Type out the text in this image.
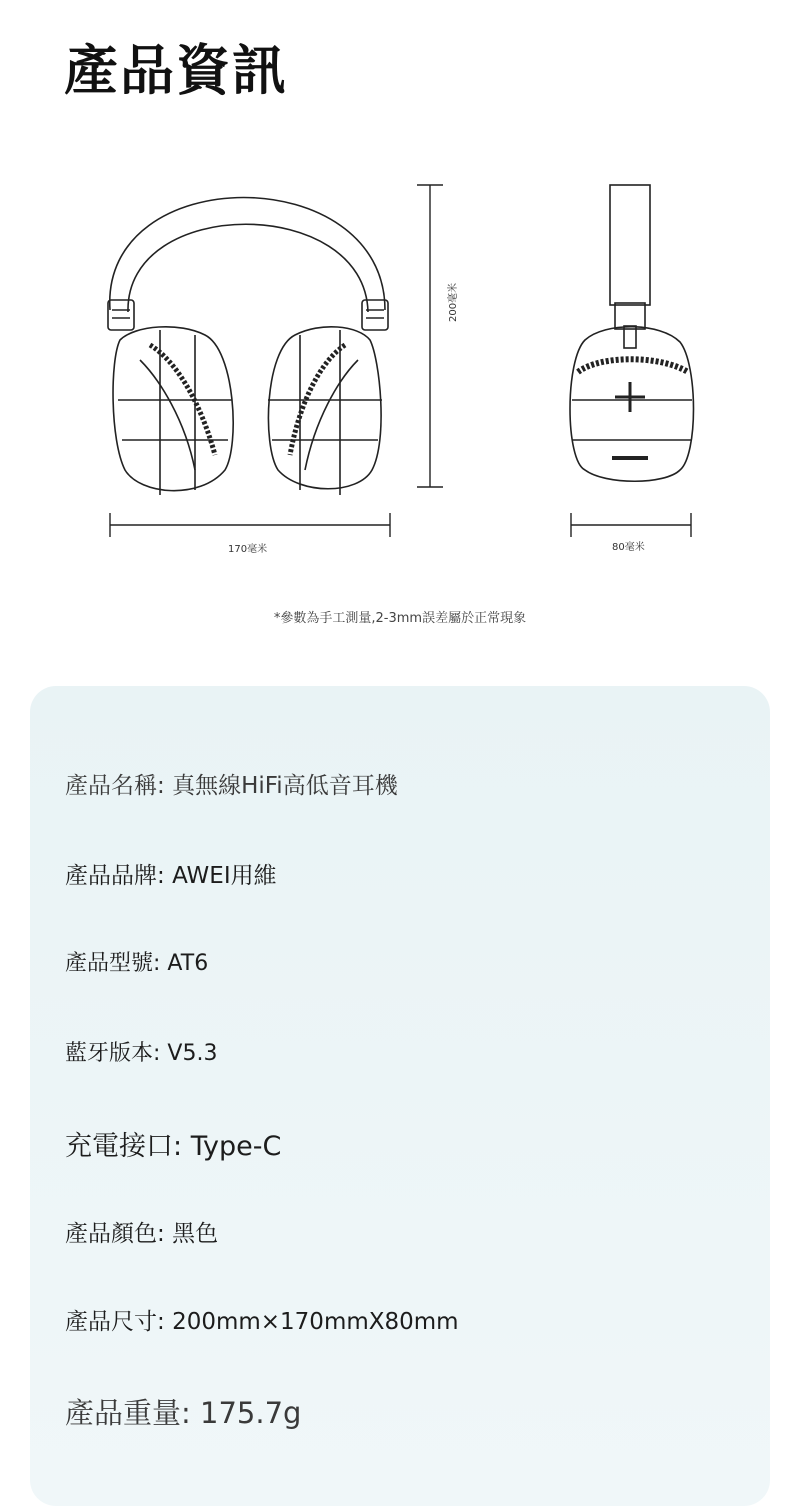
產品資訊
200毫米
170毫米	80毫米
*參數為手工測量,2-3mm誤差屬於正常現象
產品名稱: 真無線HiFi高低音耳機
產品品牌: AWEI用維
產品型號: AT6
藍牙版本: V5.3
充電接口: Type-C
產品顏色: 黑色
產品尺寸: 200mm×170mmX80mm
產品重量: 175.7g
